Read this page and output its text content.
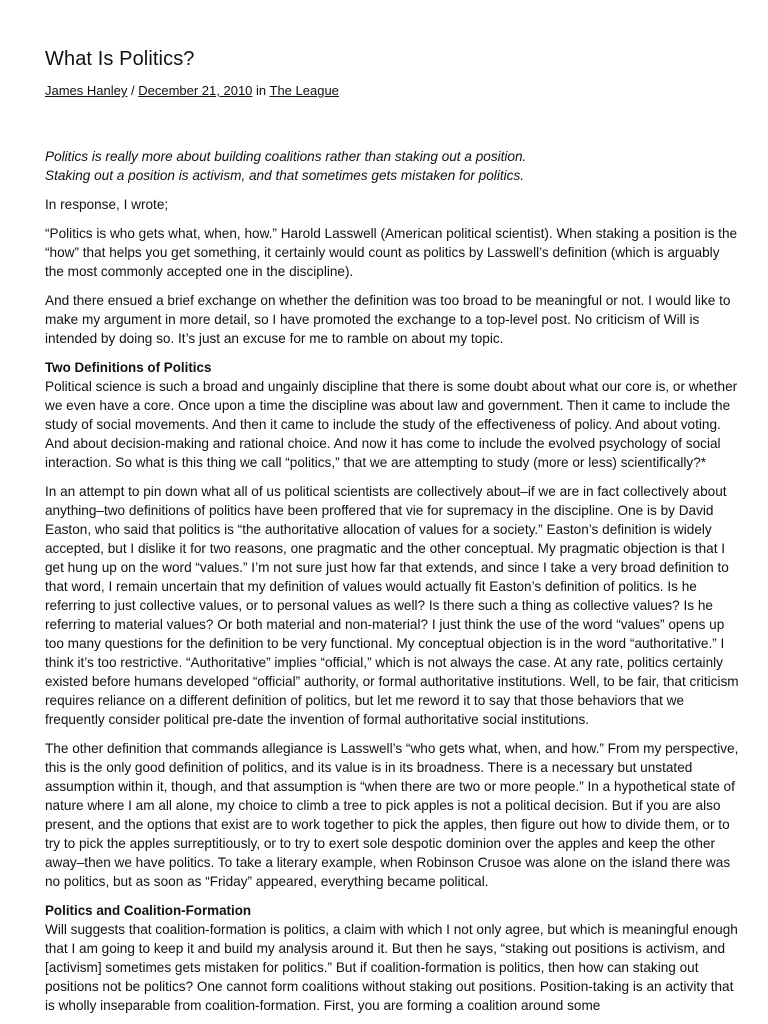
What Is Politics?
James Hanley / December 21, 2010 in The League
Politics is really more about building coalitions rather than staking out a position.
Staking out a position is activism, and that sometimes gets mistaken for politics.

In response, I wrote;

“Politics is who gets what, when, how.” Harold Lasswell (American political scientist). When staking a position is the “how” that helps you get something, it certainly would count as politics by Lasswell’s definition (which is arguably the most commonly accepted one in the discipline).

And there ensued a brief exchange on whether the definition was too broad to be meaningful or not. I would like to make my argument in more detail, so I have promoted the exchange to a top-level post. No criticism of Will is intended by doing so. It’s just an excuse for me to ramble on about my topic.

Two Definitions of Politics

Political science is such a broad and ungainly discipline that there is some doubt about what our core is, or whether we even have a core. Once upon a time the discipline was about law and government. Then it came to include the study of social movements. And then it came to include the study of the effectiveness of policy. And about voting. And about decision-making and rational choice. And now it has come to include the evolved psychology of social interaction. So what is this thing we call “politics,” that we are attempting to study (more or less) scientifically?*

In an attempt to pin down what all of us political scientists are collectively about–if we are in fact collectively about anything–two definitions of politics have been proffered that vie for supremacy in the discipline. One is by David Easton, who said that politics is “the authoritative allocation of values for a society.” Easton’s definition is widely accepted, but I dislike it for two reasons, one pragmatic and the other conceptual. My pragmatic objection is that I get hung up on the word “values.” I’m not sure just how far that extends, and since I take a very broad definition to that word, I remain uncertain that my definition of values would actually fit Easton’s definition of politics. Is he referring to just collective values, or to personal values as well? Is there such a thing as collective values? Is he referring to material values? Or both material and non-material? I just think the use of the word “values” opens up too many questions for the definition to be very functional. My conceptual objection is in the word “authoritative.” I think it’s too restrictive. “Authoritative” implies “official,” which is not always the case. At any rate, politics certainly existed before humans developed “official” authority, or formal authoritative institutions. Well, to be fair, that criticism requires reliance on a different definition of politics, but let me reword it to say that those behaviors that we frequently consider political pre-date the invention of formal authoritative social institutions.

The other definition that commands allegiance is Lasswell’s “who gets what, when, and how.” From my perspective, this is the only good definition of politics, and its value is in its broadness. There is a necessary but unstated assumption within it, though, and that assumption is “when there are two or more people.” In a hypothetical state of nature where I am all alone, my choice to climb a tree to pick apples is not a political decision. But if you are also present, and the options that exist are to work together to pick the apples, then figure out how to divide them, or to try to pick the apples surreptitiously, or to try to exert sole despotic dominion over the apples and keep the other away–then we have politics. To take a literary example, when Robinson Crusoe was alone on the island there was no politics, but as soon as “Friday” appeared, everything became political.

Politics and Coalition-Formation

Will suggests that coalition-formation is politics, a claim with which I not only agree, but which is meaningful enough that I am going to keep it and build my analysis around it. But then he says, “staking out positions is activism, and [activism] sometimes gets mistaken for politics.” But if coalition-formation is politics, then how can staking out positions not be politics? One cannot form coalitions without staking out positions. Position-taking is an activity that is wholly inseparable from coalition-formation. First, you are forming a coalition around some
